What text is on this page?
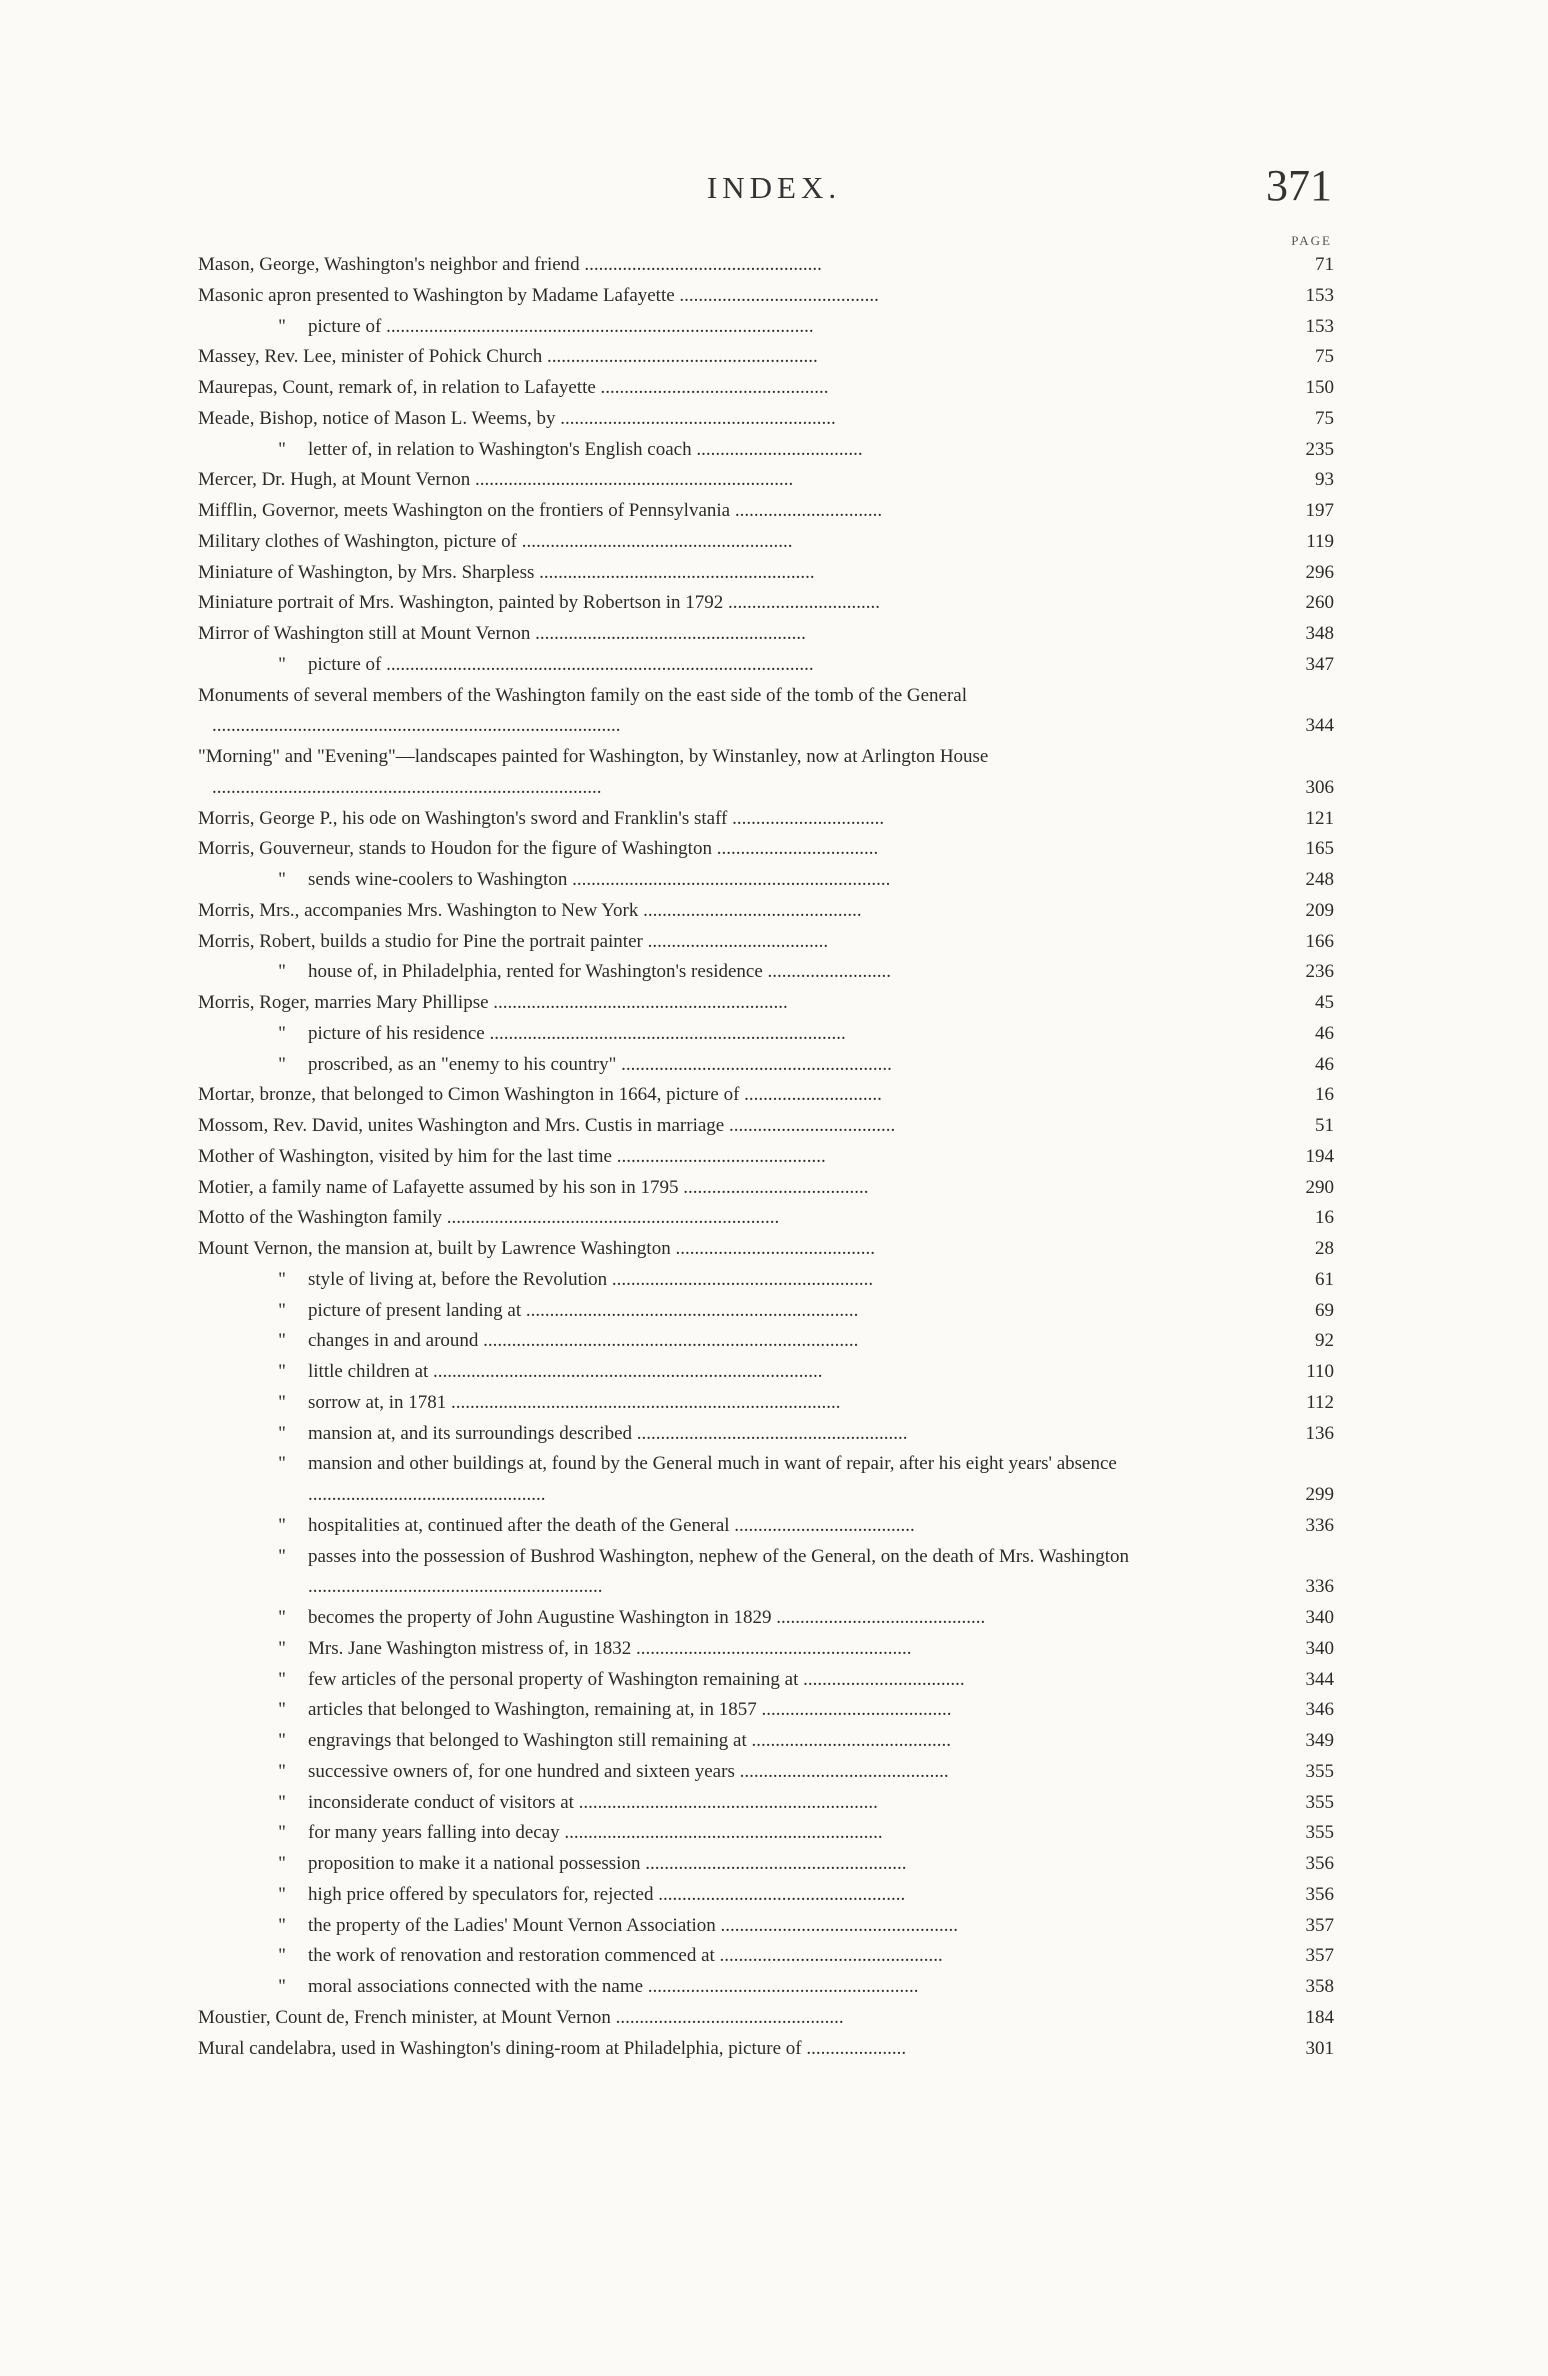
INDEX.	371
PAGE
Mason, George, Washington's neighbor and friend ..................................................	71
Masonic apron presented to Washington by Madame Lafayette ..........................................	153
"	picture of ..........................................................................................	153
Massey, Rev. Lee, minister of Pohick Church .........................................................	75
Maurepas, Count, remark of, in relation to Lafayette ................................................	150
Meade, Bishop, notice of Mason L. Weems, by ..........................................................	75
"	letter of, in relation to Washington's English coach ...................................	235
Mercer, Dr. Hugh, at Mount Vernon ...................................................................	93
Mifflin, Governor, meets Washington on the frontiers of Pennsylvania ...............................	197
Military clothes of Washington, picture of .........................................................	119
Miniature of Washington, by Mrs. Sharpless ..........................................................	296
Miniature portrait of Mrs. Washington, painted by Robertson in 1792 ................................	260
Mirror of Washington still at Mount Vernon .........................................................	348
"	picture of ..........................................................................................	347
Monuments of several members of the Washington family on the east side of the tomb of the General ......................................................................................	344
"Morning" and "Evening"—landscapes painted for Washington, by Winstanley, now at Arlington House ..................................................................................	306
Morris, George P., his ode on Washington's sword and Franklin's staff ................................	121
Morris, Gouverneur, stands to Houdon for the figure of Washington ..................................	165
"	sends wine-coolers to Washington ...................................................................	248
Morris, Mrs., accompanies Mrs. Washington to New York ..............................................	209
Morris, Robert, builds a studio for Pine the portrait painter ......................................	166
"	house of, in Philadelphia, rented for Washington's residence ..........................	236
Morris, Roger, marries Mary Phillipse ..............................................................	45
"	picture of his residence ...........................................................................	46
"	proscribed, as an "enemy to his country" .........................................................	46
Mortar, bronze, that belonged to Cimon Washington in 1664, picture of .............................	16
Mossom, Rev. David, unites Washington and Mrs. Custis in marriage ...................................	51
Mother of Washington, visited by him for the last time ............................................	194
Motier, a family name of Lafayette assumed by his son in 1795 .......................................	290
Motto of the Washington family ......................................................................	16
Mount Vernon, the mansion at, built by Lawrence Washington ..........................................	28
"	style of living at, before the Revolution .......................................................	61
"	picture of present landing at ......................................................................	69
"	changes in and around ...............................................................................	92
"	little children at ..................................................................................	110
"	sorrow at, in 1781 ..................................................................................	112
"	mansion at, and its surroundings described .........................................................	136
"	mansion and other buildings at, found by the General much in want of repair, after his eight years' absence ..................................................	299
"	hospitalities at, continued after the death of the General ......................................	336
"	passes into the possession of Bushrod Washington, nephew of the General, on the death of Mrs. Washington ..............................................................	336
"	becomes the property of John Augustine Washington in 1829 ............................................	340
"	Mrs. Jane Washington mistress of, in 1832 ..........................................................	340
"	few articles of the personal property of Washington remaining at ..................................	344
"	articles that belonged to Washington, remaining at, in 1857 ........................................	346
"	engravings that belonged to Washington still remaining at ..........................................	349
"	successive owners of, for one hundred and sixteen years ............................................	355
"	inconsiderate conduct of visitors at ...............................................................	355
"	for many years falling into decay ...................................................................	355
"	proposition to make it a national possession .......................................................	356
"	high price offered by speculators for, rejected ....................................................	356
"	the property of the Ladies' Mount Vernon Association ..................................................	357
"	the work of renovation and restoration commenced at ...............................................	357
"	moral associations connected with the name .........................................................	358
Moustier, Count de, French minister, at Mount Vernon ................................................	184
Mural candelabra, used in Washington's dining-room at Philadelphia, picture of .....................	301
